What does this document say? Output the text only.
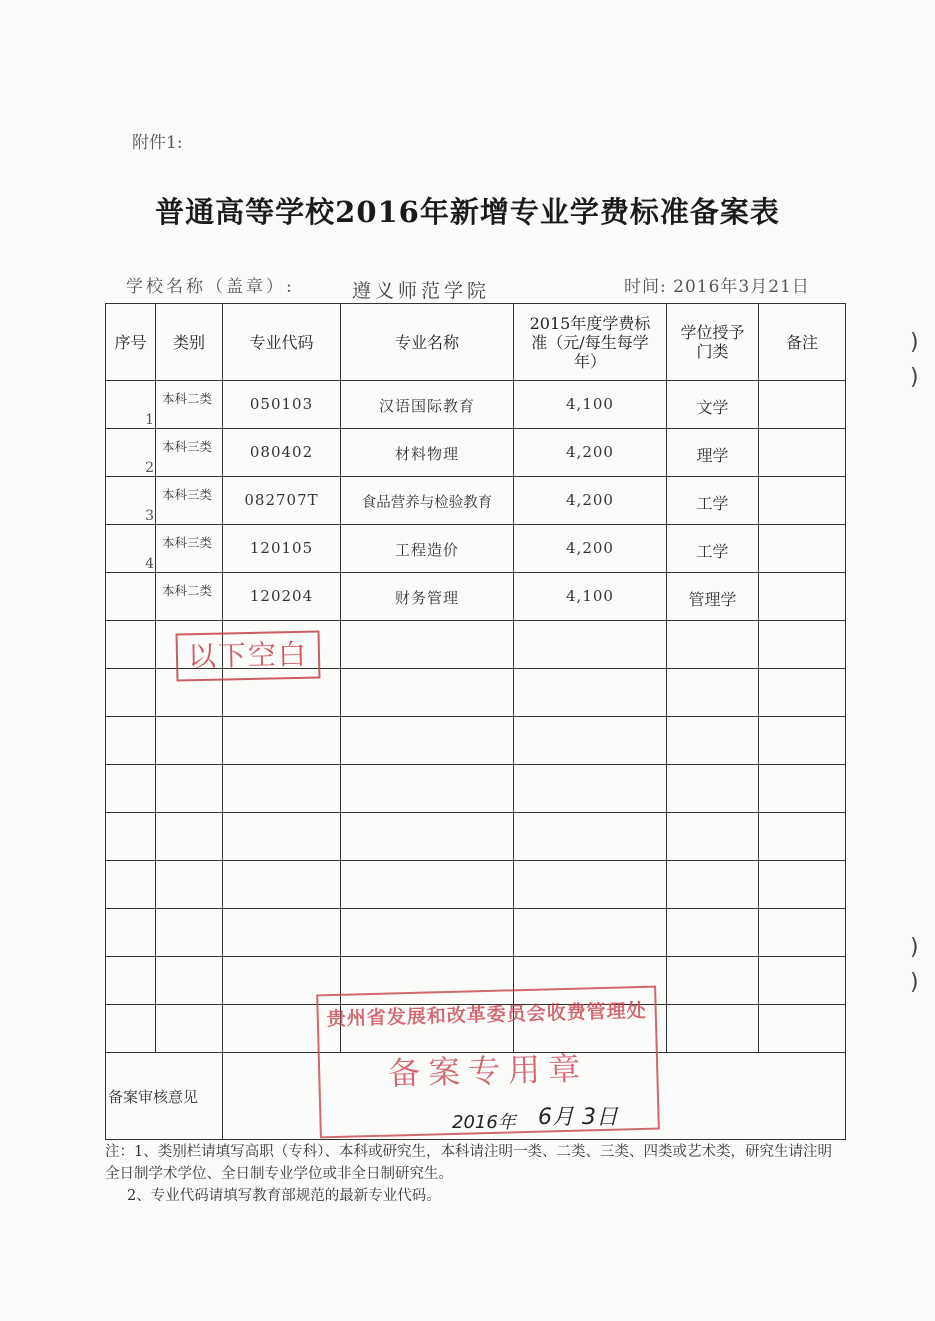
附件1:
普通高等学校2016年新增专业学费标准备案表
学校名称（盖章）:	遵义师范学院	时间: 2016年3月21日
序号	类别	专业代码	专业名称	2015年度学费标准（元/每生每学年）	学位授予门类	备注

1	本科二类	050103	汉语国际教育	4,100	文学	

2	本科三类	080402	材料物理	4,200	理学	

3	本科三类	082707T	食品营养与检验教育	4,200	工学	

4	本科三类	120105	工程造价	4,200	工学	

	本科二类	120204	财务管理	4,100	管理学	

备案审核意见						
以下空白
贵州省发展和改革委员会收费管理处
备案专用章
2016年 6月 3日

注：1、类别栏请填写高职（专科）、本科或研究生，本科请注明一类、二类、三类、四类或艺术类，研究生请注明全日制学术学位、全日制专业学位或非全日制研究生。

2、专业代码请填写教育部规范的最新专业代码。

)
)
)
)
